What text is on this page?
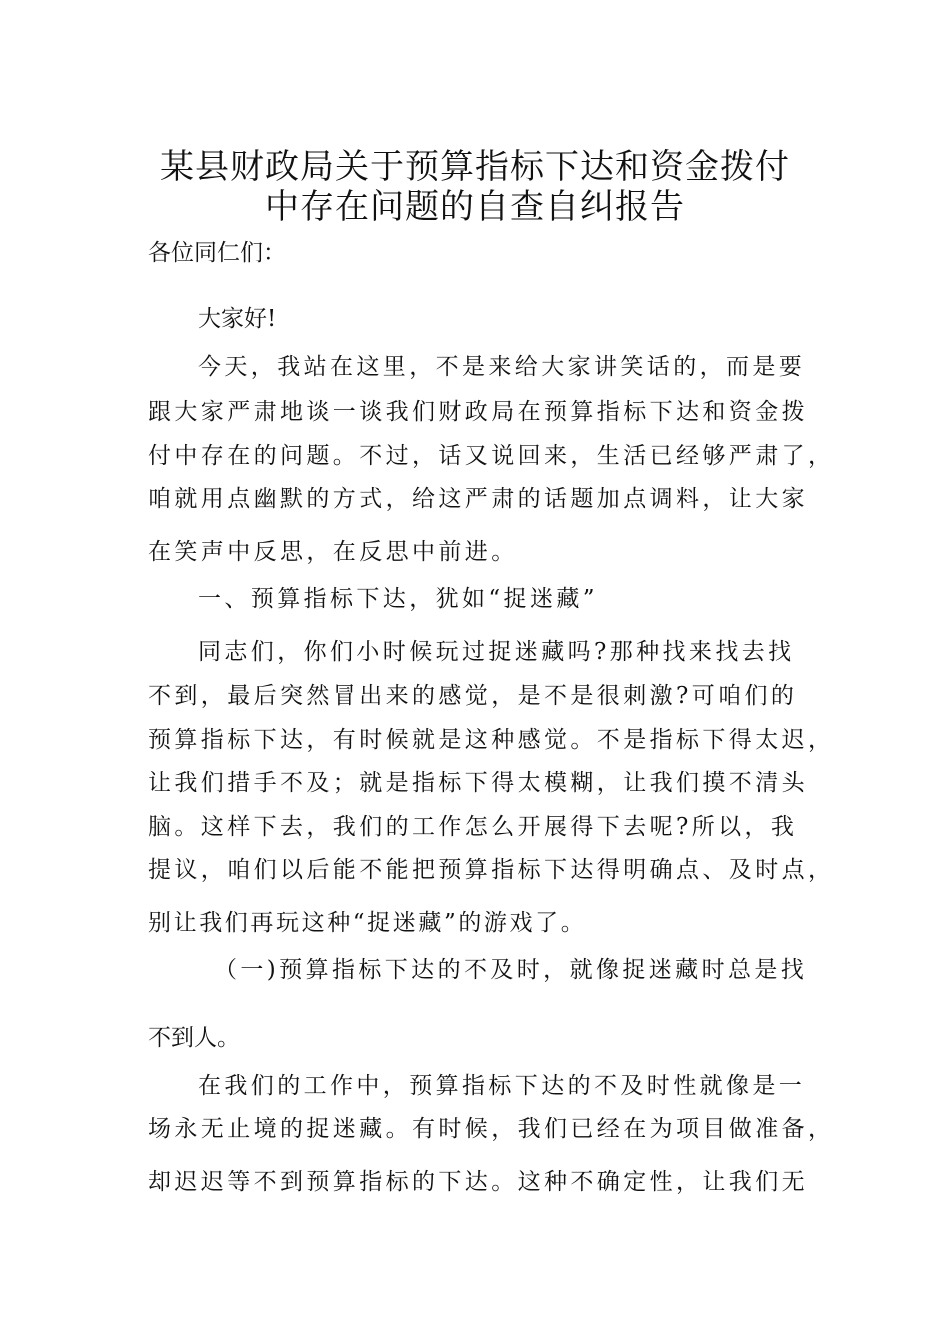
某县财政局关于预算指标下达和资金拨付
中存在问题的自查自纠报告

各位同仁们：

大家好!

今天，我站在这里，不是来给大家讲笑话的，而是要

跟大家严肃地谈一谈我们财政局在预算指标下达和资金拨

付中存在的问题。不过，话又说回来，生活已经够严肃了，

咱就用点幽默的方式，给这严肃的话题加点调料，让大家

在笑声中反思，在反思中前进。

一、预算指标下达，犹如“捉迷藏”

同志们，你们小时候玩过捉迷藏吗?那种找来找去找

不到，最后突然冒出来的感觉，是不是很刺激?可咱们的

预算指标下达，有时候就是这种感觉。不是指标下得太迟，

让我们措手不及；就是指标下得太模糊，让我们摸不清头

脑。这样下去，我们的工作怎么开展得下去呢?所以，我

提议，咱们以后能不能把预算指标下达得明确点、及时点，

别让我们再玩这种“捉迷藏”的游戏了。

（一)预算指标下达的不及时，就像捉迷藏时总是找

不到人。

在我们的工作中，预算指标下达的不及时性就像是一

场永无止境的捉迷藏。有时候，我们已经在为项目做准备，

却迟迟等不到预算指标的下达。这种不确定性，让我们无
